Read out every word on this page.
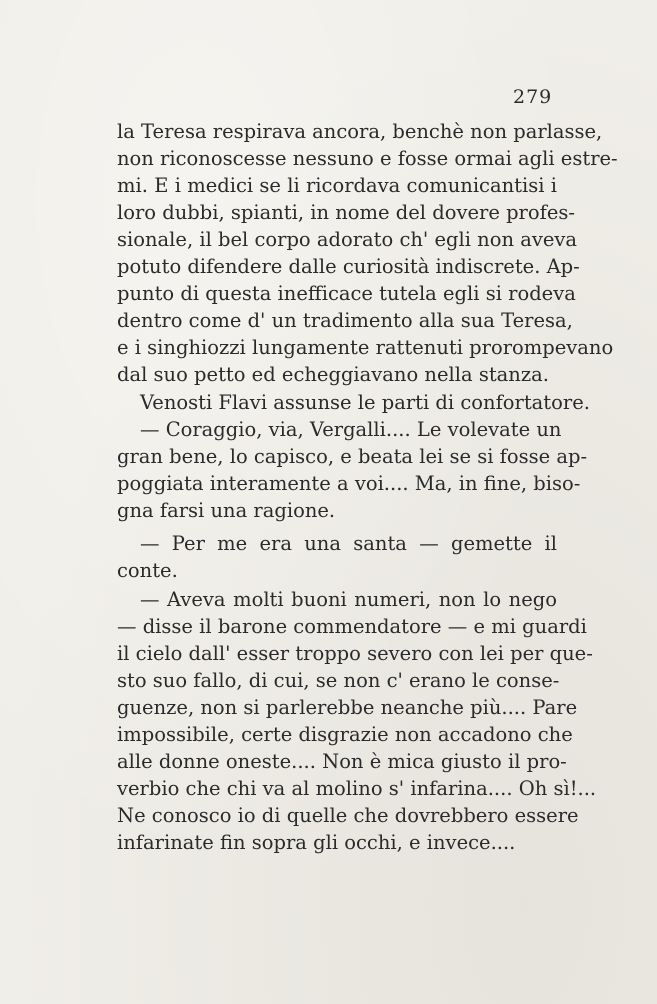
279
la Teresa respirava ancora, benchè non parlasse,
non riconoscesse nessuno e fosse ormai agli estre-
mi. E i medici se li ricordava comunicantisi i
loro dubbi, spianti, in nome del dovere profes-
sionale, il bel corpo adorato ch' egli non aveva
potuto difendere dalle curiosità indiscrete. Ap-
punto di questa inefficace tutela egli si rodeva
dentro come d' un tradimento alla sua Teresa,
e i singhiozzi lungamente rattenuti prorompevano
dal suo petto ed echeggiavano nella stanza.
Venosti Flavi assunse le parti di confortatore.
— Coraggio, via, Vergalli.... Le volevate un
gran bene, lo capisco, e beata lei se si fosse ap-
poggiata interamente a voi.... Ma, in fine, biso-
gna farsi una ragione.
— Per me era una santa — gemette il
conte.
— Aveva molti buoni numeri, non lo nego
— disse il barone commendatore — e mi guardi
il cielo dall' esser troppo severo con lei per que-
sto suo fallo, di cui, se non c' erano le conse-
guenze, non si parlerebbe neanche più.... Pare
impossibile, certe disgrazie non accadono che
alle donne oneste.... Non è mica giusto il pro-
verbio che chi va al molino s' infarina.... Oh sì!...
Ne conosco io di quelle che dovrebbero essere
infarinate fin sopra gli occhi, e invece....
